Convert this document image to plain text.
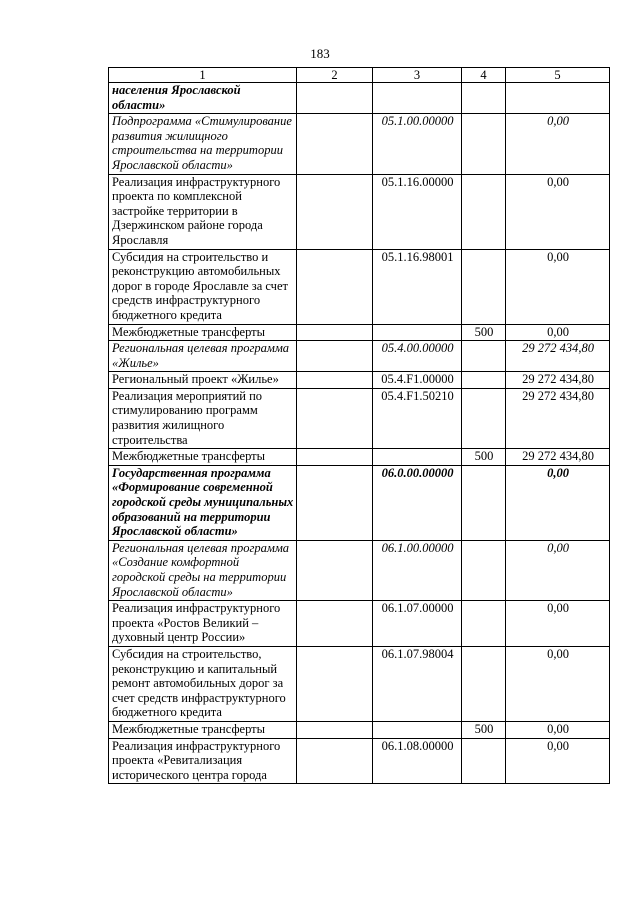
183
1	2	3	4	5
населения Ярославской области»				
Подпрограмма «Стимулирование развития жилищного строительства на территории Ярославской области»		05.1.00.00000		0,00
Реализация инфраструктурного проекта по комплексной застройке территории в Дзержинском районе города Ярославля		05.1.16.00000		0,00
Субсидия на строительство и реконструкцию автомобильных дорог в городе Ярославле за счет средств инфраструктурного бюджетного кредита		05.1.16.98001		0,00
Межбюджетные трансферты			500	0,00
Региональная целевая программа «Жилье»		05.4.00.00000		29 272 434,80
Региональный проект «Жилье»		05.4.F1.00000		29 272 434,80
Реализация мероприятий по стимулированию программ развития жилищного строительства		05.4.F1.50210		29 272 434,80
Межбюджетные трансферты			500	29 272 434,80
Государственная программа «Формирование современной городской среды муниципальных образований на территории Ярославской области»		06.0.00.00000		0,00
Региональная целевая программа «Создание комфортной городской среды на территории Ярославской области»		06.1.00.00000		0,00
Реализация инфраструктурного проекта «Ростов Великий – духовный центр России»		06.1.07.00000		0,00
Субсидия на строительство, реконструкцию и капитальный ремонт автомобильных дорог за счет средств инфраструктурного бюджетного кредита		06.1.07.98004		0,00
Межбюджетные трансферты			500	0,00
Реализация инфраструктурного проекта «Ревитализация исторического центра города		06.1.08.00000		0,00
